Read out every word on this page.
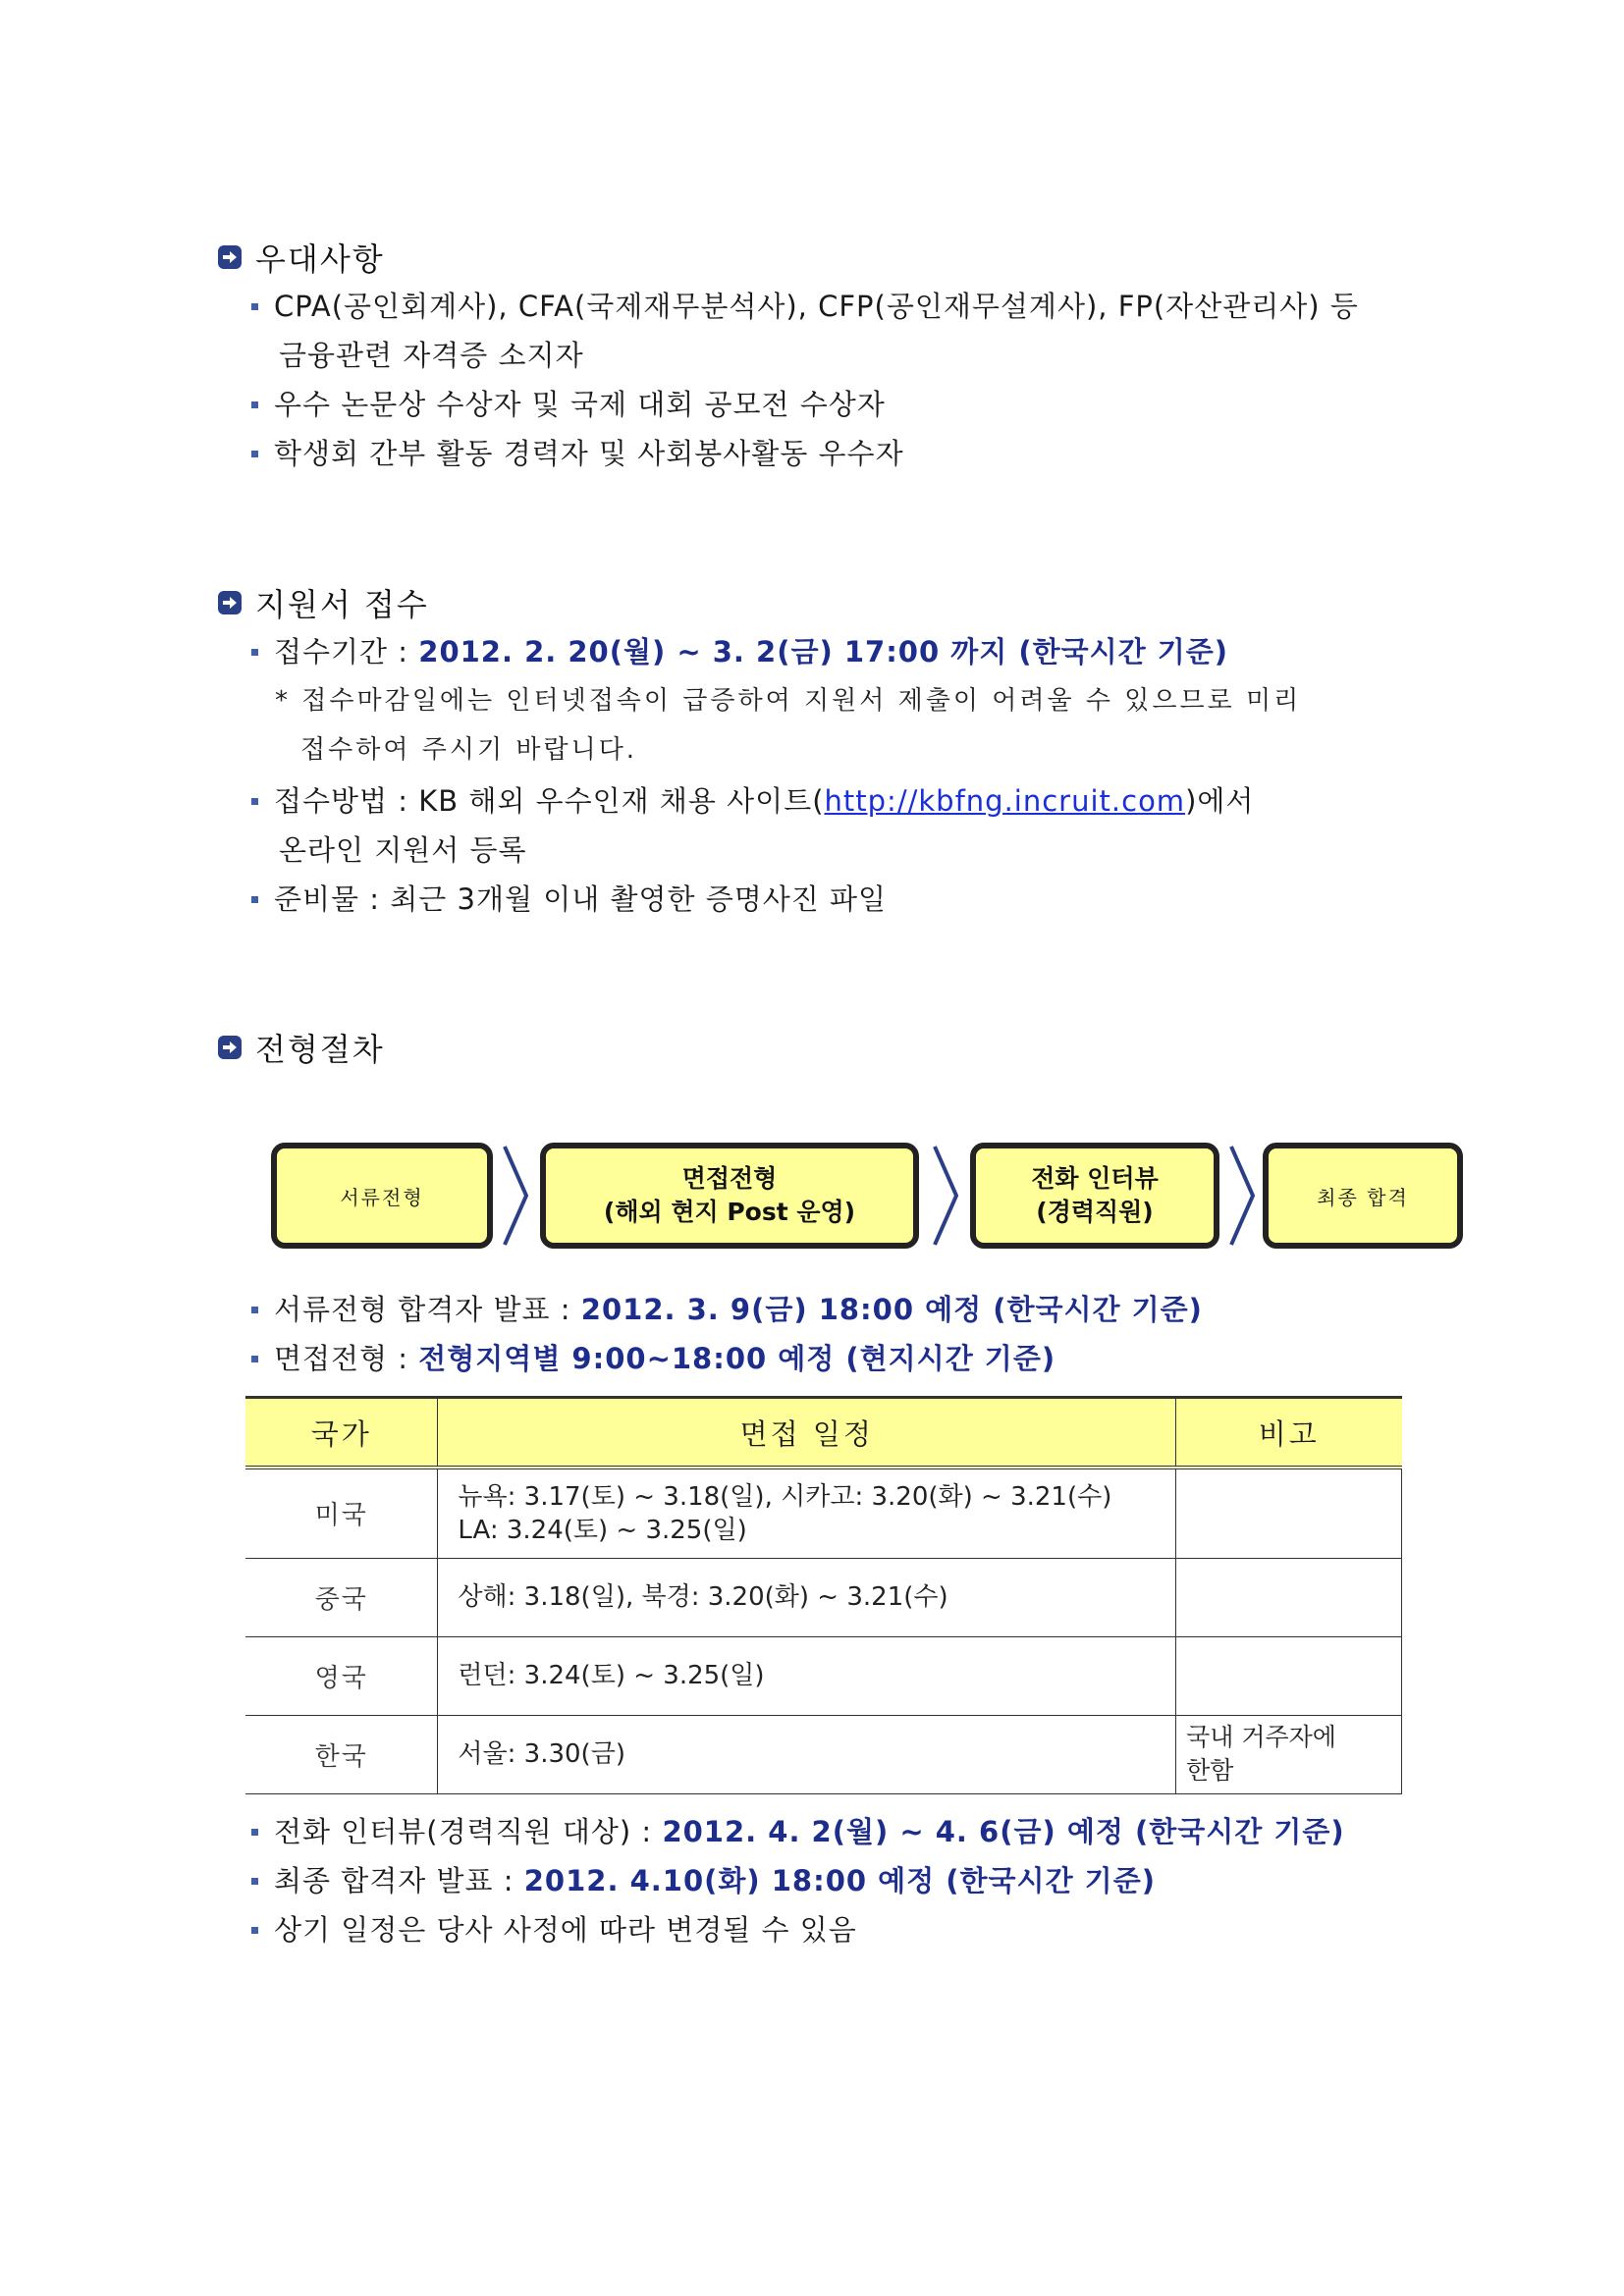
우대사항
CPA(공인회계사), CFA(국제재무분석사), CFP(공인재무설계사), FP(자산관리사) 등
금융관련 자격증 소지자
우수 논문상 수상자 및 국제 대회 공모전 수상자
학생회 간부 활동 경력자 및 사회봉사활동 우수자
지원서 접수
접수기간 : 2012. 2. 20(월) ~ 3. 2(금) 17:00 까지 (한국시간 기준)
* 접수마감일에는 인터넷접속이 급증하여 지원서 제출이 어려울 수 있으므로 미리
접수하여 주시기 바랍니다.
접수방법 : KB 해외 우수인재 채용 사이트(http://kbfng.incruit.com)에서
온라인 지원서 등록
준비물 : 최근 3개월 이내 촬영한 증명사진 파일
전형절차
서류전형
면접전형
(해외 현지 Post 운영)
전화 인터뷰
(경력직원)
최종 합격
서류전형 합격자 발표 : 2012. 3. 9(금) 18:00 예정 (한국시간 기준)
면접전형 : 전형지역별 9:00~18:00 예정 (현지시간 기준)
국가	면접 일정	비고
미국	뉴욕: 3.17(토) ~ 3.18(일), 시카고: 3.20(화) ~ 3.21(수)
LA: 3.24(토) ~ 3.25(일)	

중국	상해: 3.18(일), 북경: 3.20(화) ~ 3.21(수)	

영국	런던: 3.24(토) ~ 3.25(일)	

한국	서울: 3.30(금)	국내 거주자에
한함
전화 인터뷰(경력직원 대상) : 2012. 4. 2(월) ~ 4. 6(금) 예정 (한국시간 기준)
최종 합격자 발표 : 2012. 4.10(화) 18:00 예정 (한국시간 기준)
상기 일정은 당사 사정에 따라 변경될 수 있음
